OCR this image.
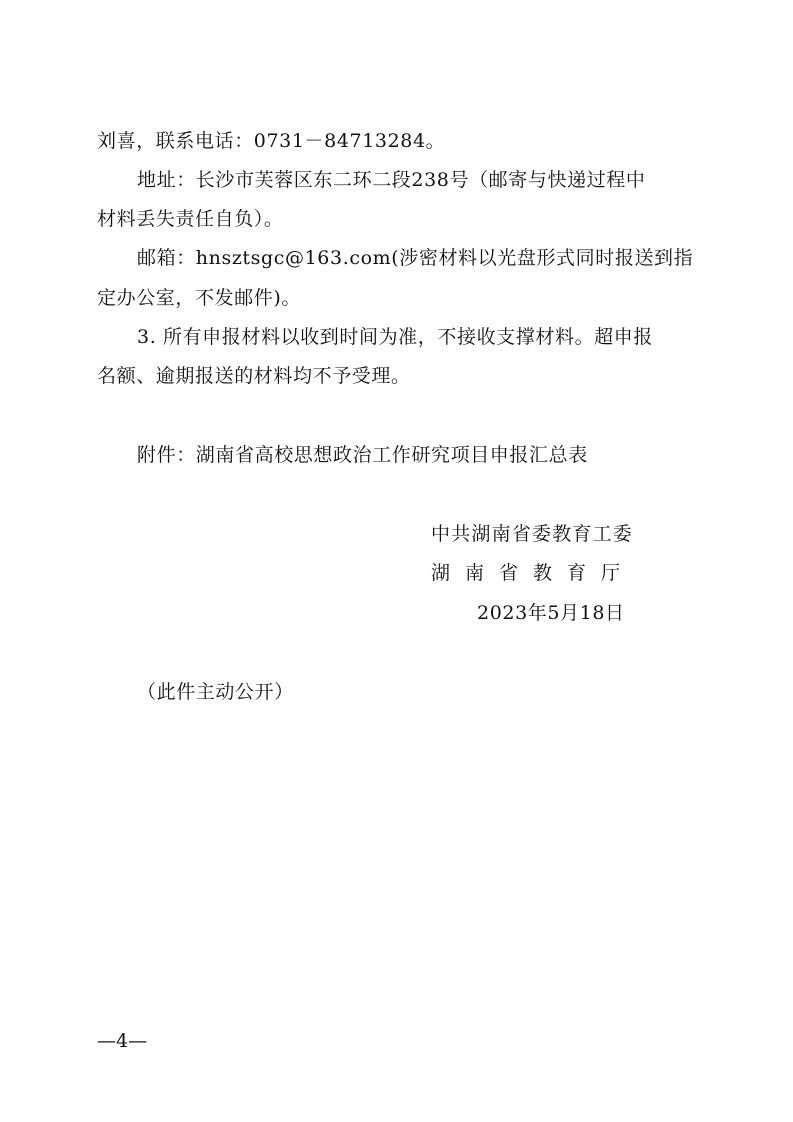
刘喜，联系电话：0731－84713284。
地址：长沙市芙蓉区东二环二段238号（邮寄与快递过程中
材料丢失责任自负）。
邮箱：hnsztsgc@163.com(涉密材料以光盘形式同时报送到指
定办公室，不发邮件)。
3. 所有申报材料以收到时间为准，不接收支撑材料。超申报
名额、逾期报送的材料均不予受理。
附件：湖南省高校思想政治工作研究项目申报汇总表
中共湖南省委教育工委
湖南省教育厅
2023年5月18日
（此件主动公开）
—4—
